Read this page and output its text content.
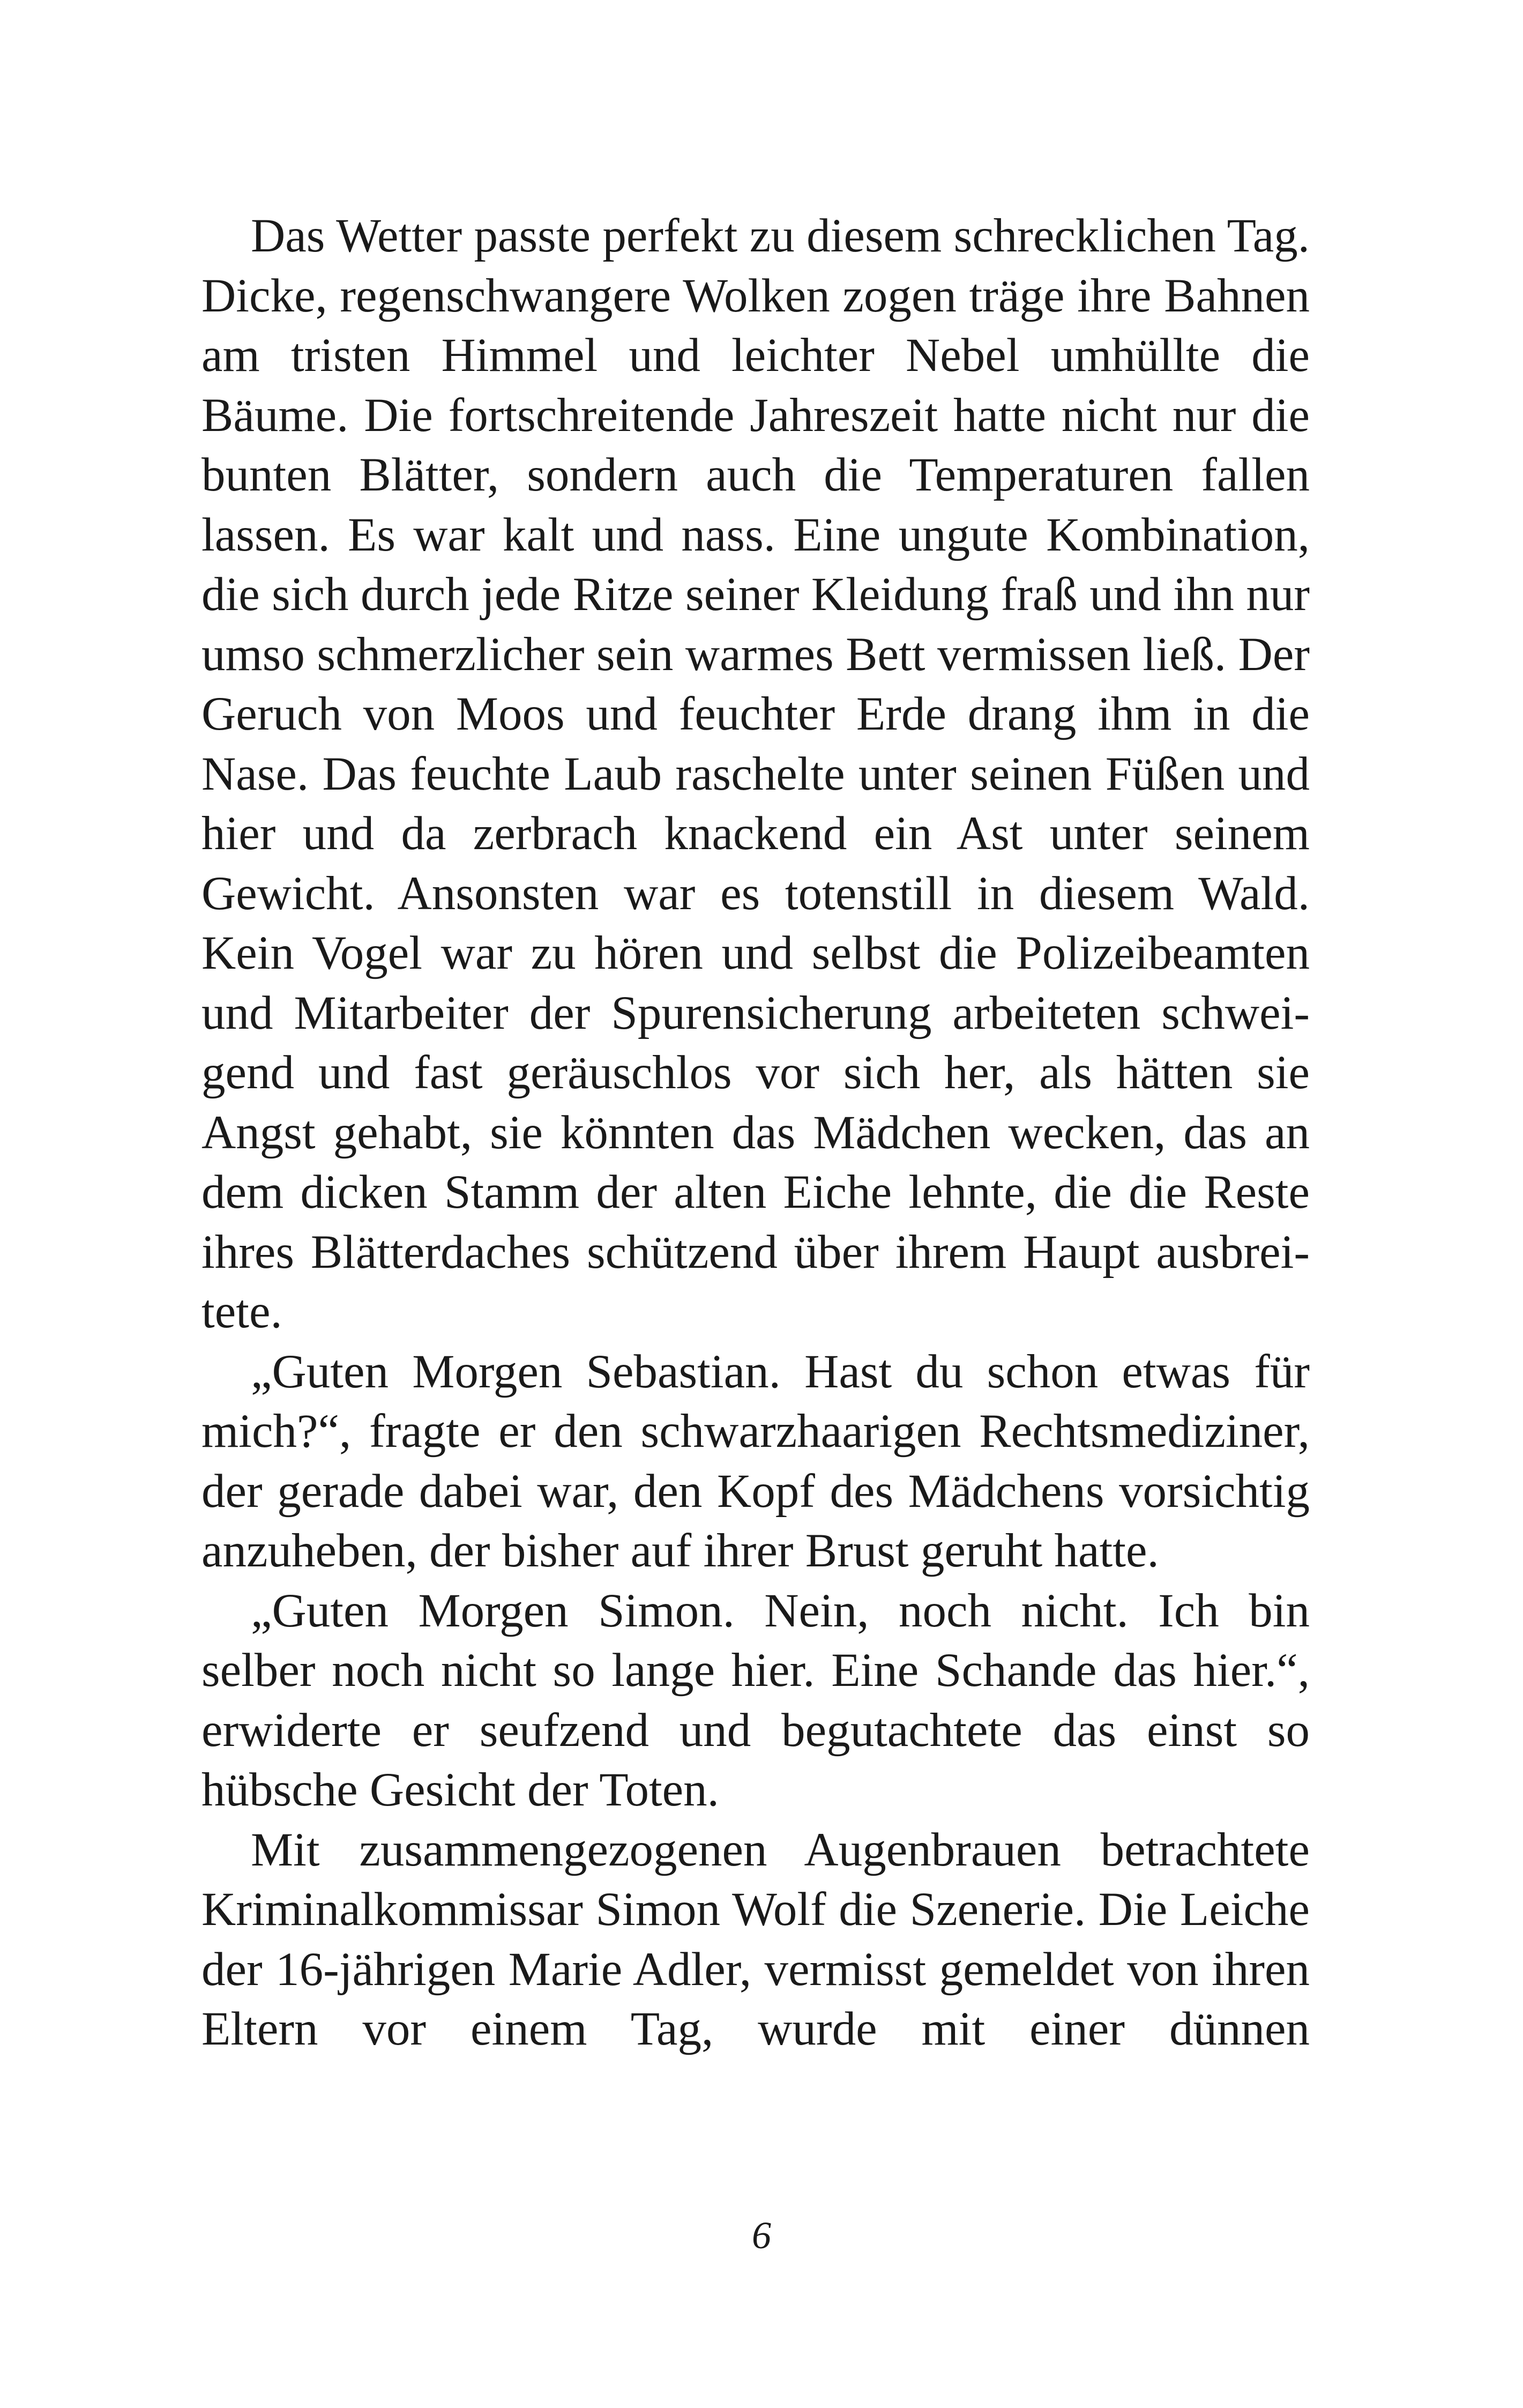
Das Wetter passte perfekt zu diesem schrecklichen Tag. Dicke, regenschwangere Wolken zogen träge ihre Bahnen am tristen Himmel und leichter Nebel umhüllte die Bäume. Die fortschreitende Jahreszeit hatte nicht nur die bunten Blätter, sondern auch die Temperaturen fallen lassen. Es war kalt und nass. Eine ungute Kombination, die sich durch jede Ritze seiner Kleidung fraß und ihn nur umso schmerzlicher sein warmes Bett vermissen ließ. Der Geruch von Moos und feuchter Erde drang ihm in die Nase. Das feuchte Laub raschelte unter seinen Füßen und hier und da zerbrach knackend ein Ast unter seinem Gewicht. Ansonsten war es totenstill in diesem Wald. Kein Vogel war zu hören und selbst die Polizeibeamten und Mitarbeiter der Spurensicherung arbeiteten schweigend und fast geräuschlos vor sich her, als hätten sie Angst gehabt, sie könnten das Mädchen wecken, das an dem dicken Stamm der alten Eiche lehnte, die die Reste ihres Blätterdaches schützend über ihrem Haupt ausbreitete.

„Guten Morgen Sebastian. Hast du schon etwas für mich?“, fragte er den schwarzhaarigen Rechtsmediziner, der gerade dabei war, den Kopf des Mädchens vorsichtig anzuheben, der bisher auf ihrer Brust geruht hatte.

„Guten Morgen Simon. Nein, noch nicht. Ich bin selber noch nicht so lange hier. Eine Schande das hier.“, erwiderte er seufzend und begutachtete das einst so hübsche Gesicht der Toten.

Mit zusammengezogenen Augenbrauen betrachtete Kriminalkommissar Simon Wolf die Szenerie. Die Leiche der 16-jährigen Marie Adler, vermisst gemeldet von ihren Eltern vor einem Tag, wurde mit einer dünnen

6
